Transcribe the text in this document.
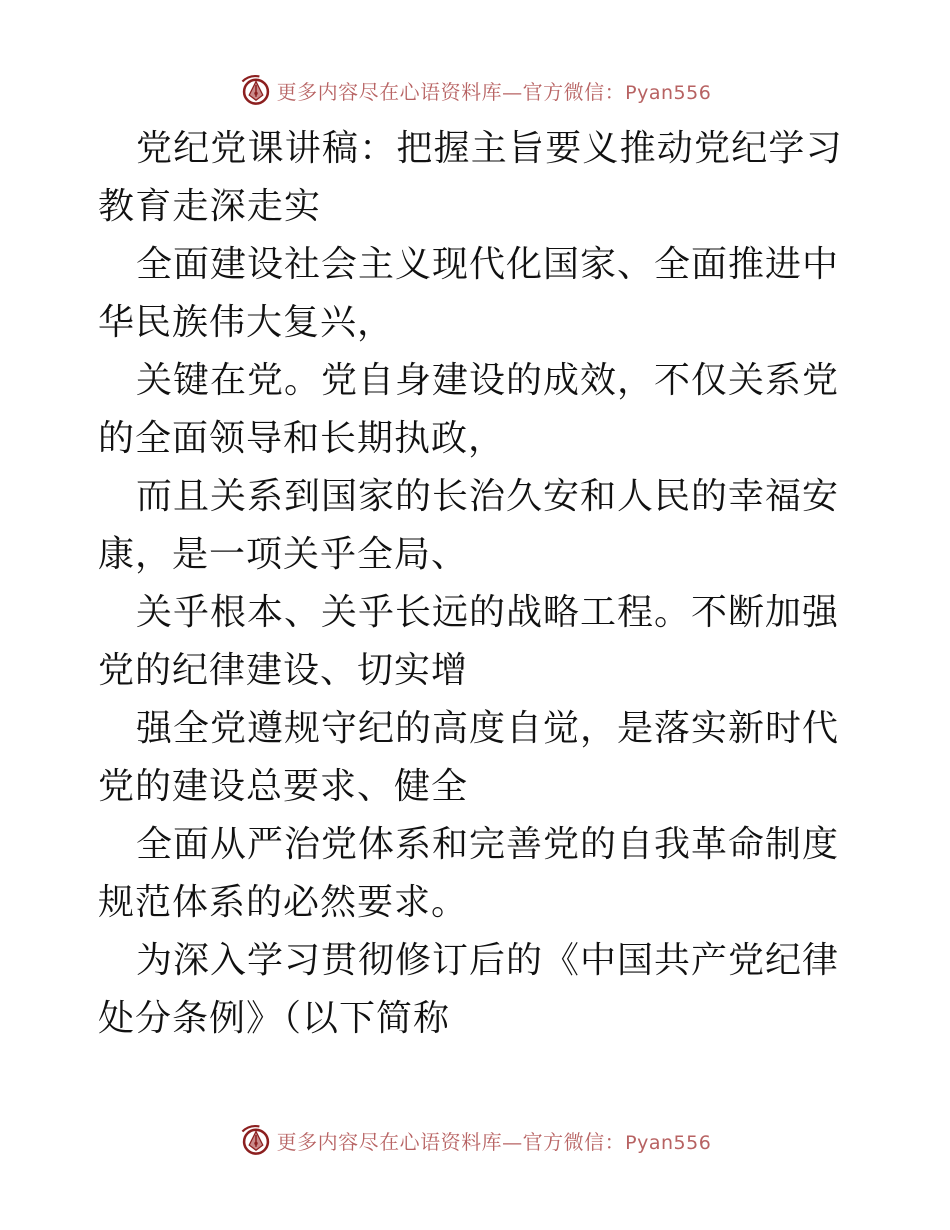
更多内容尽在心语资料库—官方微信：Pyan556

党纪党课讲稿：把握主旨要义推动党纪学习教育走深走实

全面建设社会主义现代化国家、全面推进中华民族伟大复兴，

关键在党。党自身建设的成效，不仅关系党的全面领导和长期执政，

而且关系到国家的长治久安和人民的幸福安康，是一项关乎全局、

关乎根本、关乎长远的战略工程。不断加强党的纪律建设、切实增

强全党遵规守纪的高度自觉，是落实新时代党的建设总要求、健全

全面从严治党体系和完善党的自我革命制度规范体系的必然要求。

为深入学习贯彻修订后的《中国共产党纪律处分条例》（以下简称

更多内容尽在心语资料库—官方微信：Pyan556
